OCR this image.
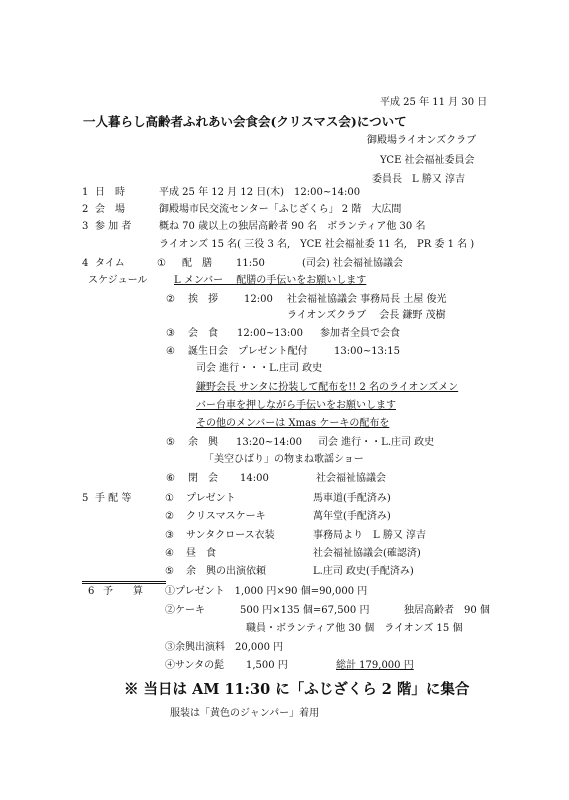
平成 25 年 11 月 30 日
一人暮らし高齢者ふれあい会食会(クリスマス会)について
御殿場ライオンズクラブ
YCE 社会福祉委員会
委員長　L 勝又 淳吉
1 日　時	平成 25 年 12 月 12 日(木)　12:00~14:00
2 会　場	御殿場市民交流センター「ふじざくら」 2 階　大広間
3 参 加 者	概ね 70 歳以上の独居高齢者 90 名　ボランティア他 30 名
ライオンズ 15 名( 三役 3 名,　YCE 社会福祉委 11 名,　PR 委 1 名 )
4 タイム
スケジュール
① 配　膳 11:50	(司会) 社会福祉協議会
L メンバー　 配膳の手伝いをお願いします
② 挨　拶	12:00 社会福祉協議会 事務局長 土屋 俊光
ライオンズクラブ　 会長 鎌野 茂樹
③ 会　食 12:00~13:00 参加者全員で会食
④ 誕生日会　プレゼント配付	13:00~13:15
司会 進行・・・L.庄司 政史
鎌野会長 サンタに扮装して配布を!! 2 名のライオンズメン
バー台車を押しながら手伝いをお願いします
その他のメンバーは Xmas ケーキの配布を
⑤ 余　興 13:20~14:00 司会 進行・・L.庄司 政史
「美空ひばり」の物まね歌謡ショー
⑥ 閉　会 14:00	社会福祉協議会
5 手 配 等	① プレゼント	馬車道(手配済み)
② クリスマスケーキ	萬年堂(手配済み)
③ サンタクロース衣装	事務局より　L 勝又 淳吉
④ 昼　食	社会福祉協議会(確認済)
⑤ 余　興の出演依頼	L.庄司 政史(手配済み)
6 予　　算 ①プレゼント　1,000 円×90 個=90,000 円
②ケーキ	500 円×135 個=67,500 円	独居高齢者　90 個
職員・ボランティア他 30 個　ライオンズ 15 個
③余興出演料　20,000 円
④サンタの髭 1,500 円	総計 179,000 円
※ 当日は AM 11:30 に「ふじざくら 2 階」に集合
服装は「黄色のジャンパー」着用
